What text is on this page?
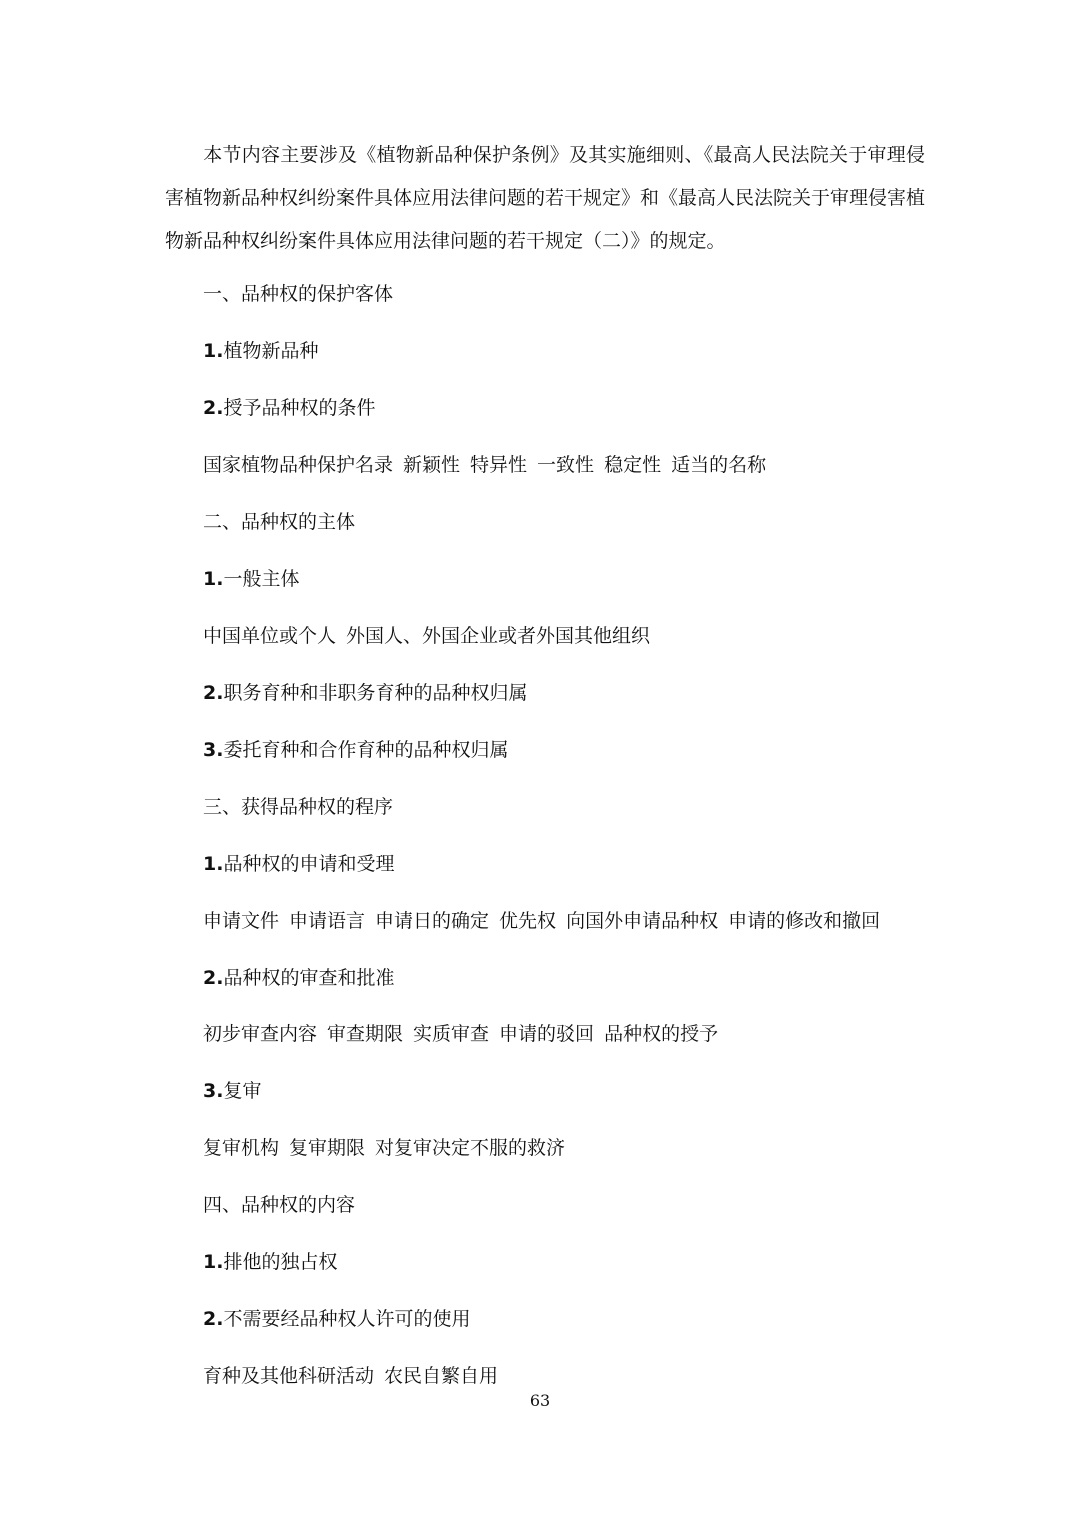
本节内容主要涉及《植物新品种保护条例》及其实施细则、《最高人民法院关于审理侵害植物新品种权纠纷案件具体应用法律问题的若干规定》和《最高人民法院关于审理侵害植物新品种权纠纷案件具体应用法律问题的若干规定（二）》的规定。

一、品种权的保护客体

1.植物新品种

2.授予品种权的条件

国家植物品种保护名录 新颖性 特异性 一致性 稳定性 适当的名称

二、品种权的主体

1.一般主体

中国单位或个人 外国人、外国企业或者外国其他组织

2.职务育种和非职务育种的品种权归属

3.委托育种和合作育种的品种权归属

三、获得品种权的程序

1.品种权的申请和受理

申请文件 申请语言 申请日的确定 优先权 向国外申请品种权 申请的修改和撤回

2.品种权的审查和批准

初步审查内容 审查期限 实质审查 申请的驳回 品种权的授予

3.复审

复审机构 复审期限 对复审决定不服的救济

四、品种权的内容

1.排他的独占权

2.不需要经品种权人许可的使用

育种及其他科研活动 农民自繁自用

63
